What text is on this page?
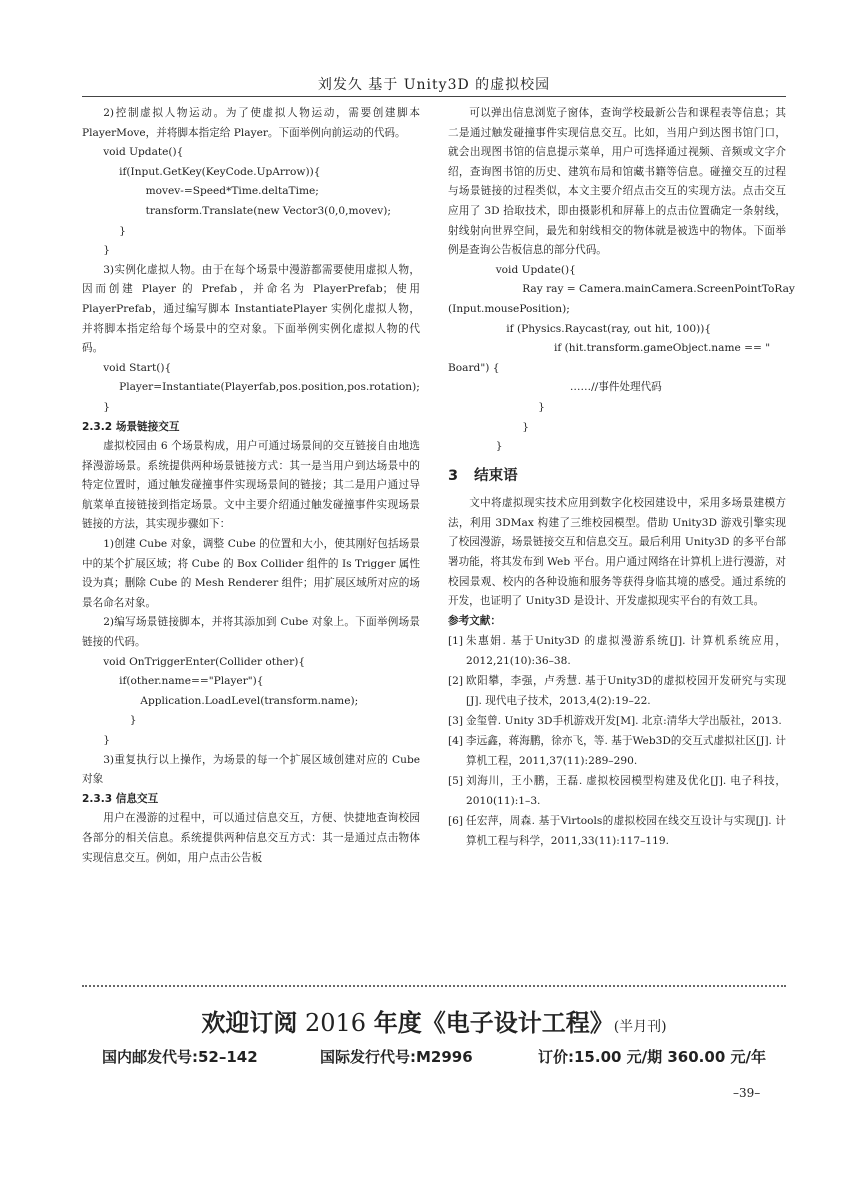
刘发久 基于 Unity3D 的虚拟校园

2)控制虚拟人物运动。为了使虚拟人物运动，需要创建脚本 PlayerMove，并将脚本指定给 Player。下面举例向前运动的代码。

void Update(){
if(Input.GetKey(KeyCode.UpArrow)){
movev-=Speed*Time.deltaTime;
transform.Translate(new Vector3(0,0,movev);
}
}

3)实例化虚拟人物。由于在每个场景中漫游都需要使用虚拟人物，因而创建 Player 的 Prefab，并命名为 PlayerPrefab；使用 PlayerPrefab，通过编写脚本 InstantiatePlayer 实例化虚拟人物，并将脚本指定给每个场景中的空对象。下面举例实例化虚拟人物的代码。

void Start(){
Player=Instantiate(Playerfab,pos.position,pos.rotation);
}
2.3.2 场景链接交互

虚拟校园由 6 个场景构成，用户可通过场景间的交互链接自由地选择漫游场景。系统提供两种场景链接方式：其一是当用户到达场景中的特定位置时，通过触发碰撞事件实现场景间的链接；其二是用户通过导航菜单直接链接到指定场景。文中主要介绍通过触发碰撞事件实现场景链接的方法，其实现步骤如下：

1)创建 Cube 对象，调整 Cube 的位置和大小，使其刚好包括场景中的某个扩展区域；将 Cube 的 Box Collider 组件的 Is Trigger 属性设为真；删除 Cube 的 Mesh Renderer 组件；用扩展区域所对应的场景名命名对象。

2)编写场景链接脚本，并将其添加到 Cube 对象上。下面举例场景链接的代码。

void OnTriggerEnter(Collider other){
if(other.name=="Player"){
Application.LoadLevel(transform.name);
}
}

3)重复执行以上操作，为场景的每一个扩展区域创建对应的 Cube 对象

2.3.3 信息交互

用户在漫游的过程中，可以通过信息交互，方便、快捷地查询校园各部分的相关信息。系统提供两种信息交互方式：其一是通过点击物体实现信息交互。例如，用户点击公告板

可以弹出信息浏览子窗体，查询学校最新公告和课程表等信息；其二是通过触发碰撞事件实现信息交互。比如，当用户到达图书馆门口，就会出现图书馆的信息提示菜单，用户可选择通过视频、音频或文字介绍，查询图书馆的历史、建筑布局和馆藏书籍等信息。碰撞交互的过程与场景链接的过程类似，本文主要介绍点击交互的实现方法。点击交互应用了 3D 拾取技术，即由摄影机和屏幕上的点击位置确定一条射线，射线射向世界空间，最先和射线相交的物体就是被选中的物体。下面举例是查询公告板信息的部分代码。

void Update(){
Ray ray = Camera.mainCamera.ScreenPointToRay
(Input.mousePosition);
if (Physics.Raycast(ray, out hit, 100)){
if (hit.transform.gameObject.name == "
Board") {
……//事件处理代码
}
}
}
3 结束语

文中将虚拟现实技术应用到数字化校园建设中，采用多场景建模方法，利用 3DMax 构建了三维校园模型。借助 Unity3D 游戏引擎实现了校园漫游，场景链接交互和信息交互。最后利用 Unity3D 的多平台部署功能，将其发布到 Web 平台。用户通过网络在计算机上进行漫游，对校园景观、校内的各种设施和服务等获得身临其境的感受。通过系统的开发，也证明了 Unity3D 是设计、开发虚拟现实平台的有效工具。

参考文献：
[1] 朱惠娟. 基于Unity3D 的虚拟漫游系统[J]. 计算机系统应用，2012,21(10):36–38.
[2] 欧阳攀，李强，卢秀慧. 基于Unity3D的虚拟校园开发研究与实现[J]. 现代电子技术，2013,4(2):19–22.
[3] 金玺曾. Unity 3D手机游戏开发[M]. 北京:清华大学出版社，2013.
[4] 李远鑫，蒋海鹏，徐亦飞，等. 基于Web3D的交互式虚拟社区[J]. 计算机工程，2011,37(11):289–290.
[5] 刘海川，王小鹏，王磊. 虚拟校园模型构建及优化[J]. 电子科技，2010(11):1–3.
[6] 任宏萍，周森. 基于Virtools的虚拟校园在线交互设计与实现[J]. 计算机工程与科学，2011,33(11):117–119.
欢迎订阅 2016 年度《电子设计工程》(半月刊)
国内邮发代号:52–142	国际发行代号:M2996	订价:15.00 元/期 360.00 元/年
–39–
